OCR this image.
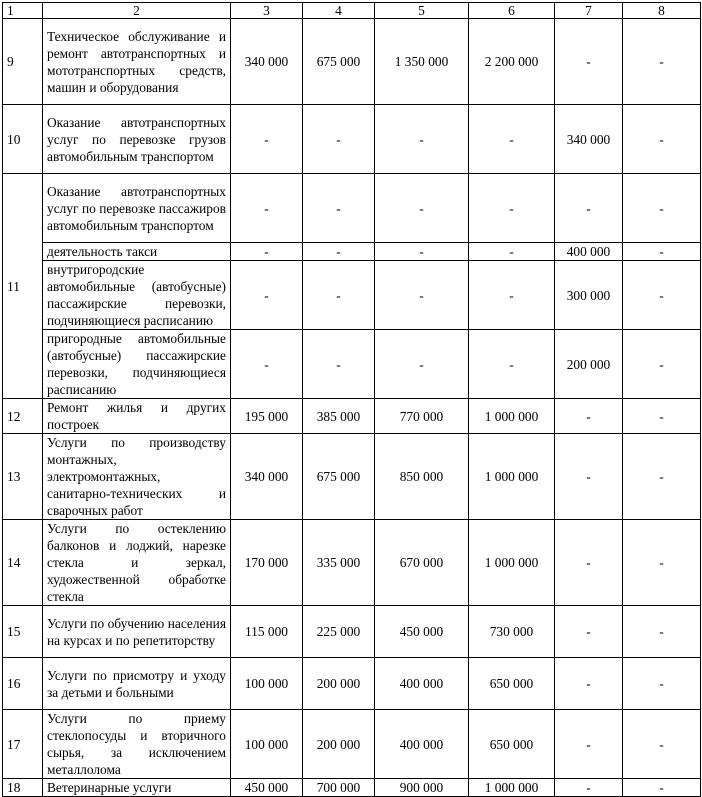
1	2	3	4	5	6	7	8
9	Техническое обслуживание и ремонт автотранспортных и мототранспортных средств, машин и оборудования	340 000	675 000	1 350 000	2 200 000	-	-
10	Оказание автотранспортных услуг по перевозке грузов автомобильным транспортом	-	-	-	-	340 000	-
11	Оказание автотранспортных услуг по перевозке пассажиров автомобильным транспортом	-	-	-	-	-	-
	деятельность такси	-	-	-	-	400 000	-
	внутригородские автомобильные (автобусные) пассажирские перевозки, подчиняющиеся расписанию	-	-	-	-	300 000	-
	пригородные автомобильные (автобусные) пассажирские перевозки, подчиняющиеся расписанию	-	-	-	-	200 000	-
12	Ремонт жилья и других построек	195 000	385 000	770 000	1 000 000	-	-
13	Услуги по производству монтажных, электромонтажных, санитарно-технических и сварочных работ	340 000	675 000	850 000	1 000 000	-	-
14	Услуги по остеклению балконов и лоджий, нарезке стекла и зеркал, художественной обработке стекла	170 000	335 000	670 000	1 000 000	-	-
15	Услуги по обучению населения на курсах и по репетиторству	115 000	225 000	450 000	730 000	-	-
16	Услуги по присмотру и уходу за детьми и больными	100 000	200 000	400 000	650 000	-	-
17	Услуги по приему стеклопосуды и вторичного сырья, за исключением металлолома	100 000	200 000	400 000	650 000	-	-
18	Ветеринарные услуги	450 000	700 000	900 000	1 000 000	-	-
